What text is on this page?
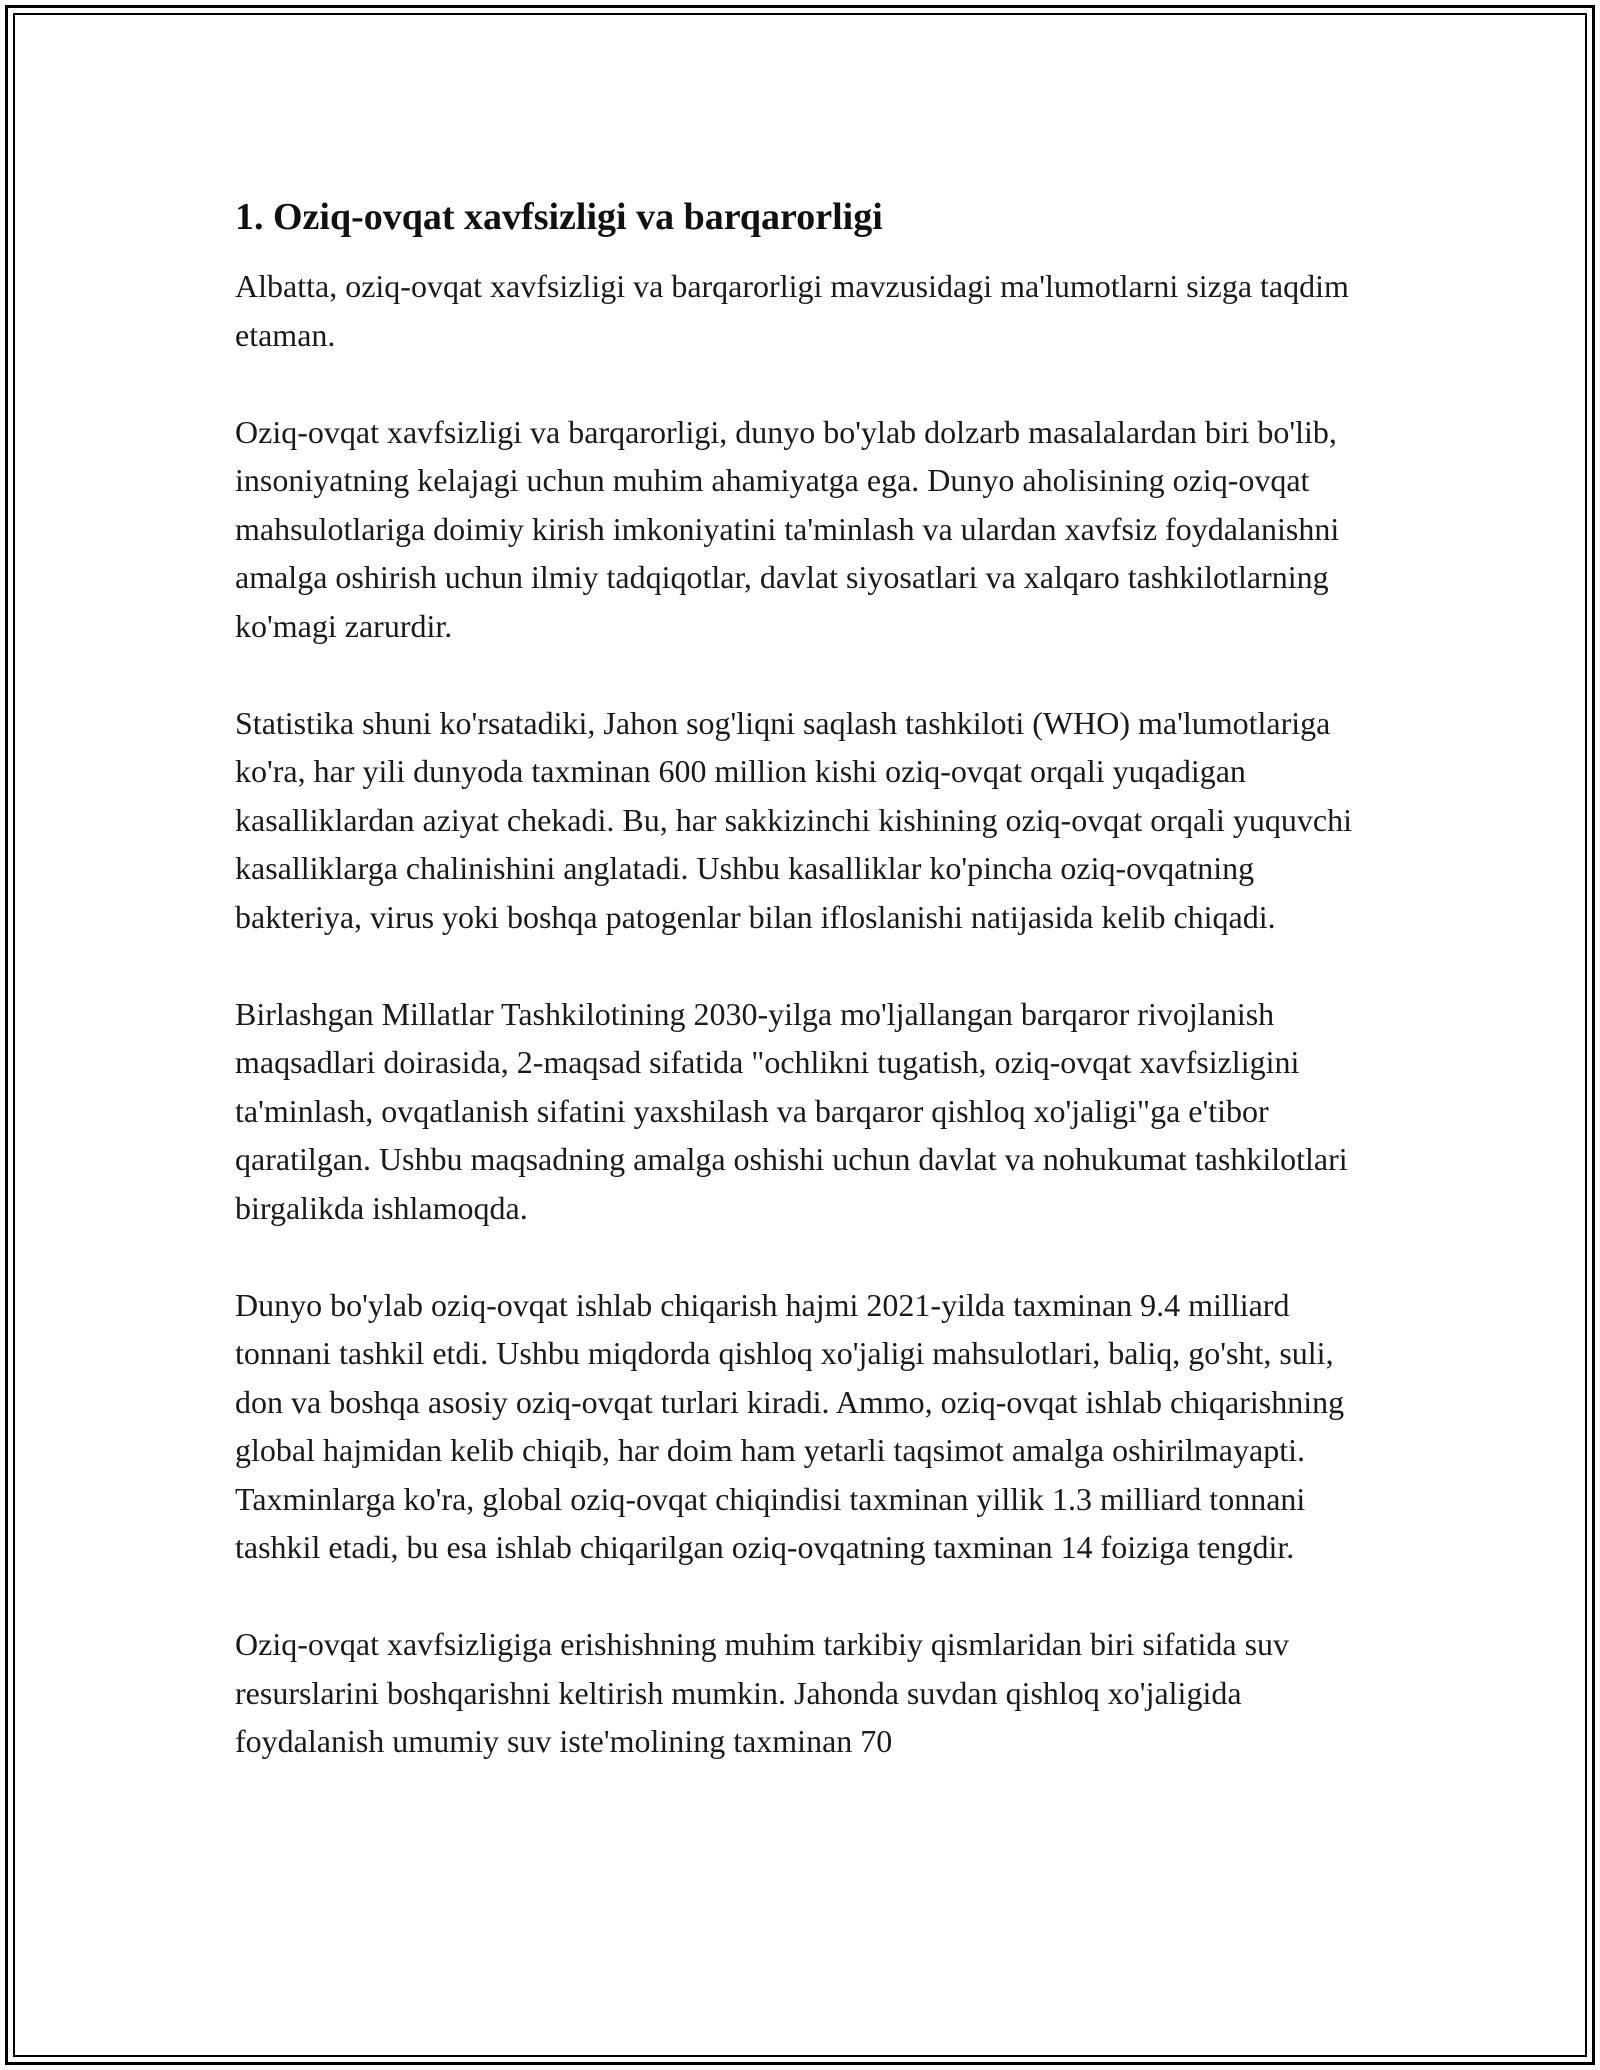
1. Oziq-ovqat xavfsizligi va barqarorligi

Albatta, oziq-ovqat xavfsizligi va barqarorligi mavzusidagi ma'lumotlarni sizga taqdim etaman.

Oziq-ovqat xavfsizligi va barqarorligi, dunyo bo'ylab dolzarb masalalardan biri bo'lib, insoniyatning kelajagi uchun muhim ahamiyatga ega. Dunyo aholisining oziq-ovqat mahsulotlariga doimiy kirish imkoniyatini ta'minlash va ulardan xavfsiz foydalanishni amalga oshirish uchun ilmiy tadqiqotlar, davlat siyosatlari va xalqaro tashkilotlarning ko'magi zarurdir.

Statistika shuni ko'rsatadiki, Jahon sog'liqni saqlash tashkiloti (WHO) ma'lumotlariga ko'ra, har yili dunyoda taxminan 600 million kishi oziq-ovqat orqali yuqadigan kasalliklardan aziyat chekadi. Bu, har sakkizinchi kishining oziq-ovqat orqali yuquvchi kasalliklarga chalinishini anglatadi. Ushbu kasalliklar ko'pincha oziq-ovqatning bakteriya, virus yoki boshqa patogenlar bilan ifloslanishi natijasida kelib chiqadi.

Birlashgan Millatlar Tashkilotining 2030-yilga mo'ljallangan barqaror rivojlanish maqsadlari doirasida, 2-maqsad sifatida "ochlikni tugatish, oziq-ovqat xavfsizligini ta'minlash, ovqatlanish sifatini yaxshilash va barqaror qishloq xo'jaligi"ga e'tibor qaratilgan. Ushbu maqsadning amalga oshishi uchun davlat va nohukumat tashkilotlari birgalikda ishlamoqda.

Dunyo bo'ylab oziq-ovqat ishlab chiqarish hajmi 2021-yilda taxminan 9.4 milliard tonnani tashkil etdi. Ushbu miqdorda qishloq xo'jaligi mahsulotlari, baliq, go'sht, suli, don va boshqa asosiy oziq-ovqat turlari kiradi. Ammo, oziq-ovqat ishlab chiqarishning global hajmidan kelib chiqib, har doim ham yetarli taqsimot amalga oshirilmayapti. Taxminlarga ko'ra, global oziq-ovqat chiqindisi taxminan yillik 1.3 milliard tonnani tashkil etadi, bu esa ishlab chiqarilgan oziq-ovqatning taxminan 14 foiziga tengdir.

Oziq-ovqat xavfsizligiga erishishning muhim tarkibiy qismlaridan biri sifatida suv resurslarini boshqarishni keltirish mumkin. Jahonda suvdan qishloq xo'jaligida foydalanish umumiy suv iste'molining taxminan 70
